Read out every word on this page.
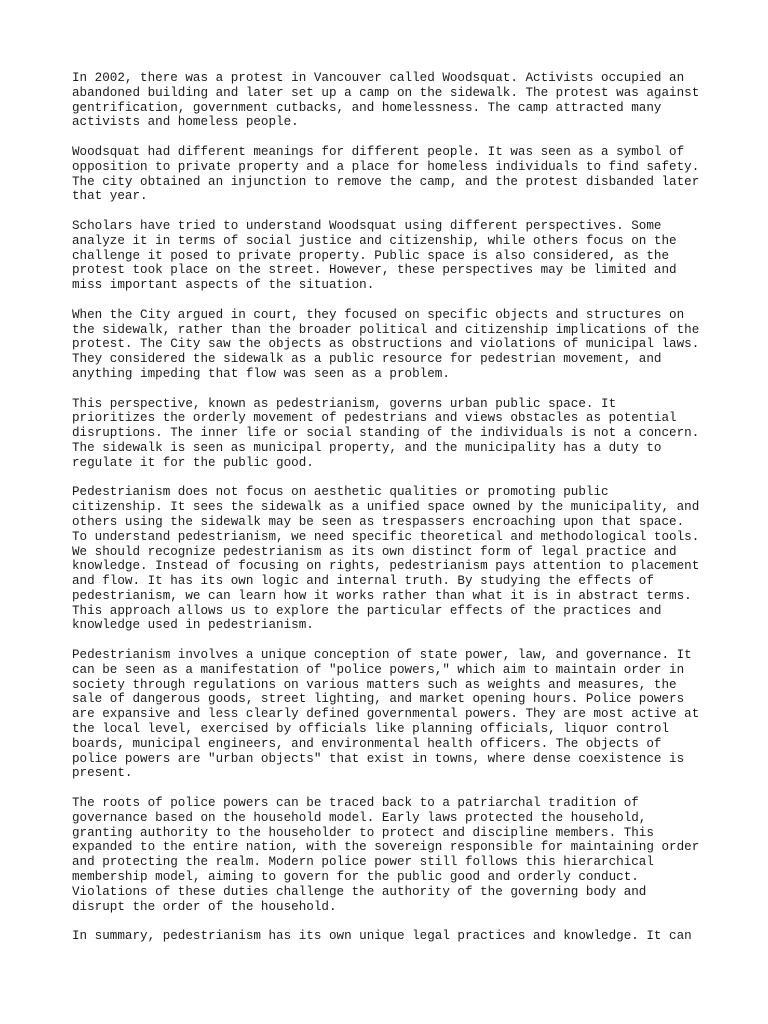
In 2002, there was a protest in Vancouver called Woodsquat. Activists occupied an
abandoned building and later set up a camp on the sidewalk. The protest was against
gentrification, government cutbacks, and homelessness. The camp attracted many
activists and homeless people.

Woodsquat had different meanings for different people. It was seen as a symbol of
opposition to private property and a place for homeless individuals to find safety.
The city obtained an injunction to remove the camp, and the protest disbanded later
that year.

Scholars have tried to understand Woodsquat using different perspectives. Some
analyze it in terms of social justice and citizenship, while others focus on the
challenge it posed to private property. Public space is also considered, as the
protest took place on the street. However, these perspectives may be limited and
miss important aspects of the situation.

When the City argued in court, they focused on specific objects and structures on
the sidewalk, rather than the broader political and citizenship implications of the
protest. The City saw the objects as obstructions and violations of municipal laws.
They considered the sidewalk as a public resource for pedestrian movement, and
anything impeding that flow was seen as a problem.

This perspective, known as pedestrianism, governs urban public space. It
prioritizes the orderly movement of pedestrians and views obstacles as potential
disruptions. The inner life or social standing of the individuals is not a concern.
The sidewalk is seen as municipal property, and the municipality has a duty to
regulate it for the public good.

Pedestrianism does not focus on aesthetic qualities or promoting public
citizenship. It sees the sidewalk as a unified space owned by the municipality, and
others using the sidewalk may be seen as trespassers encroaching upon that space.
To understand pedestrianism, we need specific theoretical and methodological tools.
We should recognize pedestrianism as its own distinct form of legal practice and
knowledge. Instead of focusing on rights, pedestrianism pays attention to placement
and flow. It has its own logic and internal truth. By studying the effects of
pedestrianism, we can learn how it works rather than what it is in abstract terms.
This approach allows us to explore the particular effects of the practices and
knowledge used in pedestrianism.

Pedestrianism involves a unique conception of state power, law, and governance. It
can be seen as a manifestation of "police powers," which aim to maintain order in
society through regulations on various matters such as weights and measures, the
sale of dangerous goods, street lighting, and market opening hours. Police powers
are expansive and less clearly defined governmental powers. They are most active at
the local level, exercised by officials like planning officials, liquor control
boards, municipal engineers, and environmental health officers. The objects of
police powers are "urban objects" that exist in towns, where dense coexistence is
present.

The roots of police powers can be traced back to a patriarchal tradition of
governance based on the household model. Early laws protected the household,
granting authority to the householder to protect and discipline members. This
expanded to the entire nation, with the sovereign responsible for maintaining order
and protecting the realm. Modern police power still follows this hierarchical
membership model, aiming to govern for the public good and orderly conduct.
Violations of these duties challenge the authority of the governing body and
disrupt the order of the household.

In summary, pedestrianism has its own unique legal practices and knowledge. It can
